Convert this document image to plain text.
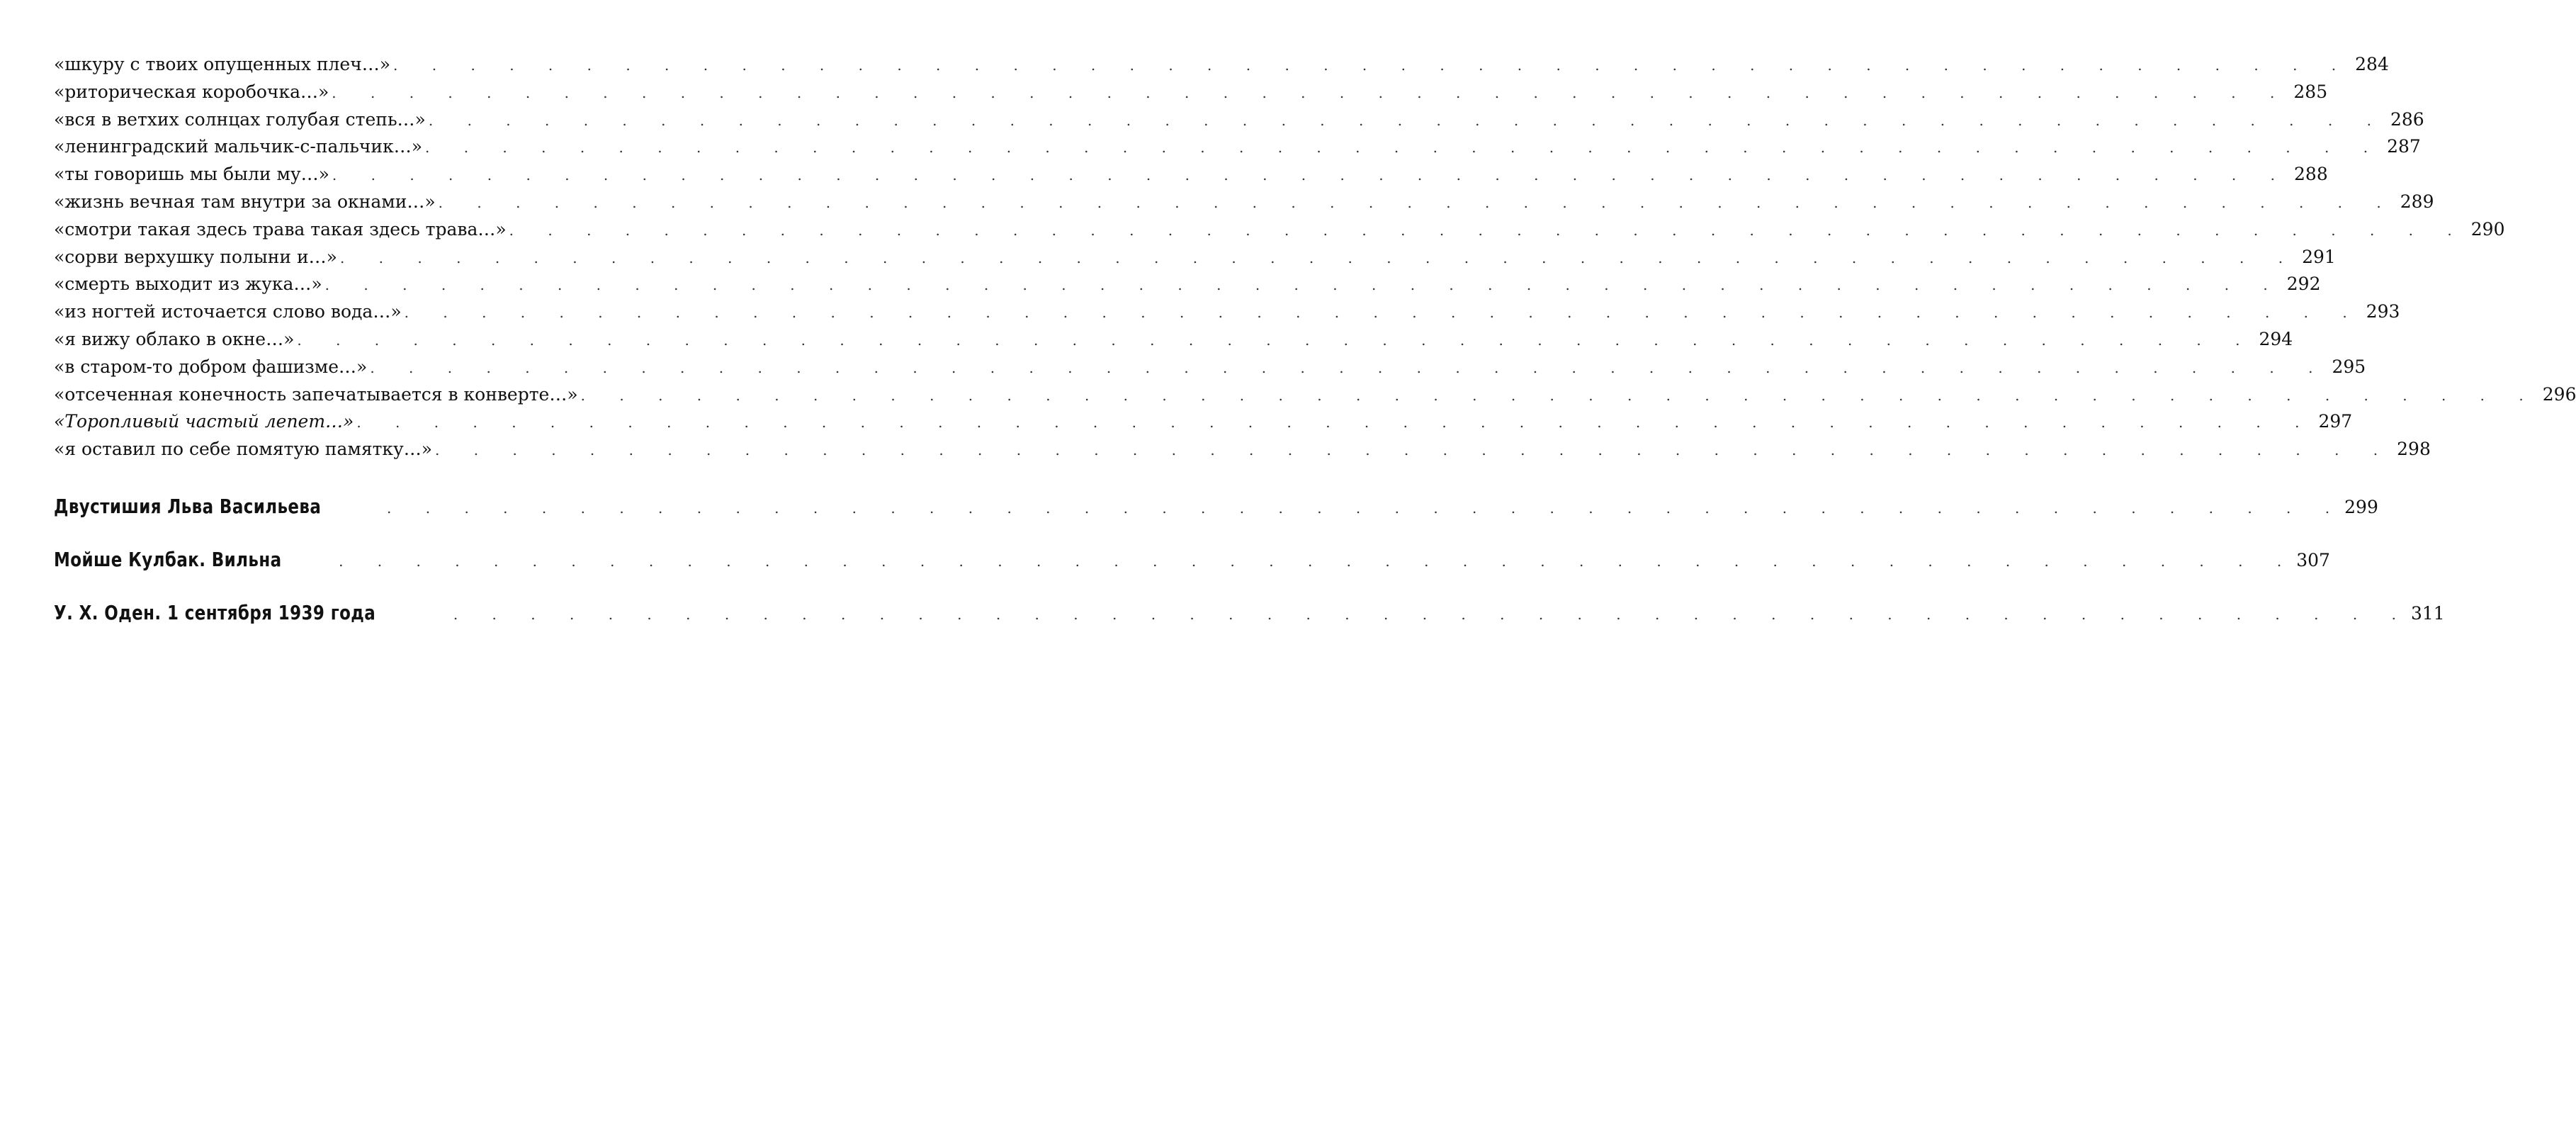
«шкуру с твоих опущенных плеч…» . . . . . . . . . . . . . . . . . . . . . . . . . . . . . . . . . . . . . . . . . . . . . . . . . . . 284
«риторическая коробочка…» . . . . . . . . . . . . . . . . . . . . . . . . . . . . . . . . . . . . . . . . . . . . . . . . . . . 285
«вся в ветхих солнцах голубая степь…» . . . . . . . . . . . . . . . . . . . . . . . . . . . . . . . . . . . . . . . . . . . . . . . . . . . 286
«ленинградский мальчик-с-пальчик…» . . . . . . . . . . . . . . . . . . . . . . . . . . . . . . . . . . . . . . . . . . . . . . . . . . . 287
«ты говоришь мы были му…» . . . . . . . . . . . . . . . . . . . . . . . . . . . . . . . . . . . . . . . . . . . . . . . . . . . 288
«жизнь вечная там внутри за окнами…» . . . . . . . . . . . . . . . . . . . . . . . . . . . . . . . . . . . . . . . . . . . . . . . . . . . 289
«смотри такая здесь трава такая здесь трава…» . . . . . . . . . . . . . . . . . . . . . . . . . . . . . . . . . . . . . . . . . . . . . . . . . . . 290
«сорви верхушку полыни и…» . . . . . . . . . . . . . . . . . . . . . . . . . . . . . . . . . . . . . . . . . . . . . . . . . . . 291
«смерть выходит из жука…» . . . . . . . . . . . . . . . . . . . . . . . . . . . . . . . . . . . . . . . . . . . . . . . . . . . 292
«из ногтей источается слово вода…» . . . . . . . . . . . . . . . . . . . . . . . . . . . . . . . . . . . . . . . . . . . . . . . . . . . 293
«я вижу облако в окне…» . . . . . . . . . . . . . . . . . . . . . . . . . . . . . . . . . . . . . . . . . . . . . . . . . . . 294
«в старом-то добром фашизме…» . . . . . . . . . . . . . . . . . . . . . . . . . . . . . . . . . . . . . . . . . . . . . . . . . . . 295
«отсеченная конечность запечатывается в конверте…» . . . . . . . . . . . . . . . . . . . . . . . . . . . . . . . . . . . . . . . . . . . . . . . . . . . 296
«Торопливый частый лепет…» . . . . . . . . . . . . . . . . . . . . . . . . . . . . . . . . . . . . . . . . . . . . . . . . . . . 297
«я оставил по себе помятую памятку…» . . . . . . . . . . . . . . . . . . . . . . . . . . . . . . . . . . . . . . . . . . . . . . . . . . . 298
Двустишия Льва Васильева	. . . . . . . . . . . . . . . . . . . . . . . . . . . . . . . . . . . . . . . . . . . . . . . . . . . 299
Мойше Кулбак. Вильна	. . . . . . . . . . . . . . . . . . . . . . . . . . . . . . . . . . . . . . . . . . . . . . . . . . . 307
У. Х. Оден. 1 сентября 1939 года	. . . . . . . . . . . . . . . . . . . . . . . . . . . . . . . . . . . . . . . . . . . . . . . . . . . 311
